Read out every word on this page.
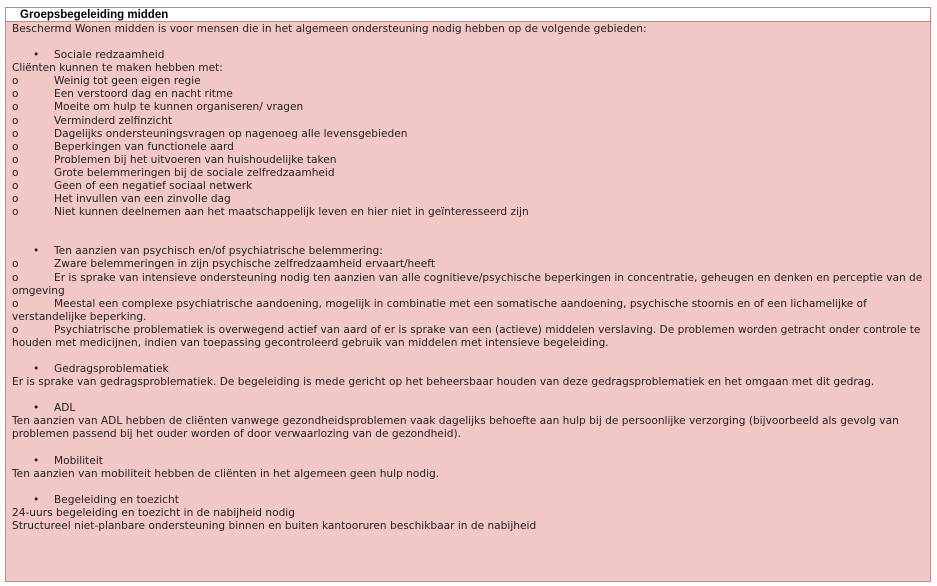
Groepsbegeleiding midden
Beschermd Wonen midden is voor mensen die in het algemeen ondersteuning nodig hebben op de volgende gebieden:
• Sociale redzaamheid
Cliënten kunnen te maken hebben met:
o	Weinig tot geen eigen regie
o	Een verstoord dag en nacht ritme
o	Moeite om hulp te kunnen organiseren/ vragen
o	Verminderd zelfinzicht
o	Dagelijks ondersteuningsvragen op nagenoeg alle levensgebieden
o	Beperkingen van functionele aard
o	Problemen bij het uitvoeren van huishoudelijke taken
o	Grote belemmeringen bij de sociale zelfredzaamheid
o	Geen of een negatief sociaal netwerk
o	Het invullen van een zinvolle dag
o	Niet kunnen deelnemen aan het maatschappelijk leven en hier niet in geïnteresseerd zijn
• Ten aanzien van psychisch en/of psychiatrische belemmering:
o	Zware belemmeringen in zijn psychische zelfredzaamheid ervaart/heeft
o	Er is sprake van intensieve ondersteuning nodig ten aanzien van alle cognitieve/psychische beperkingen in concentratie, geheugen en denken en perceptie van de omgeving
o	Meestal een complexe psychiatrische aandoening, mogelijk in combinatie met een somatische aandoening, psychische stoornis en of een lichamelijke of verstandelijke beperking.
o	Psychiatrische problematiek is overwegend actief van aard of er is sprake van een (actieve) middelen verslaving. De problemen worden getracht onder controle te houden met medicijnen, indien van toepassing gecontroleerd gebruik van middelen met intensieve begeleiding.
• Gedragsproblematiek
Er is sprake van gedragsproblematiek. De begeleiding is mede gericht op het beheersbaar houden van deze gedragsproblematiek en het omgaan met dit gedrag.
• ADL
Ten aanzien van ADL hebben de cliënten vanwege gezondheidsproblemen vaak dagelijks behoefte aan hulp bij de persoonlijke verzorging (bijvoorbeeld als gevolg van problemen passend bij het ouder worden of door verwaarlozing van de gezondheid).
• Mobiliteit
Ten aanzien van mobiliteit hebben de cliënten in het algemeen geen hulp nodig.
• Begeleiding en toezicht
24-uurs begeleiding en toezicht in de nabijheid nodig
Structureel niet-planbare ondersteuning binnen en buiten kantooruren beschikbaar in de nabijheid
